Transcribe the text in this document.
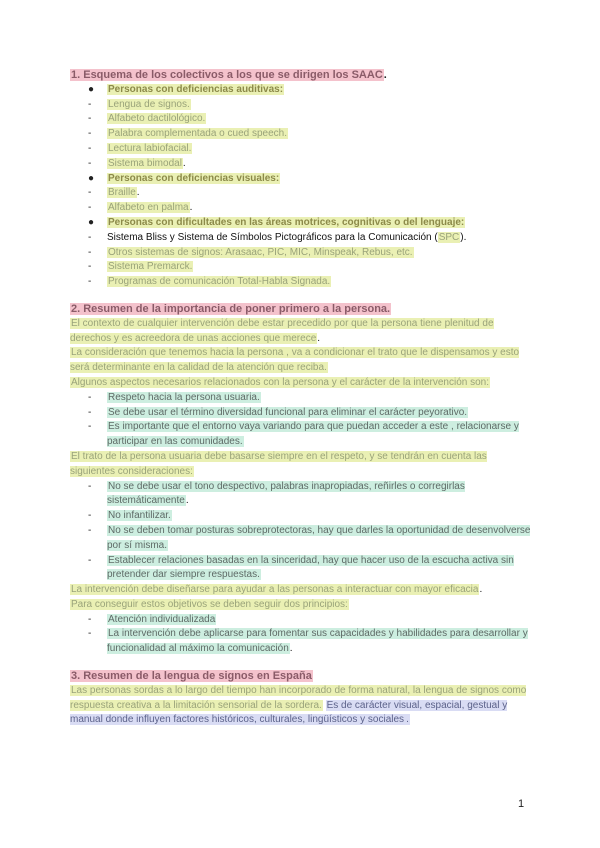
1. Esquema de los colectivos a los que se dirigen los SAAC.

● Personas con deficiencias auditivas:
- Lengua de signos.
- Alfabeto dactilológico.
- Palabra complementada o cued speech.
- Lectura labiofacial.
- Sistema bimodal.
● Personas con deficiencias visuales:
- Braille.
- Alfabeto en palma.
● Personas con dificultades en las áreas motrices, cognitivas o del lenguaje:
- Sistema Bliss y Sistema de Símbolos Pictográficos para la Comunicación (SPC).
- Otros sistemas de signos: Arasaac, PIC, MIC, Minspeak, Rebus, etc.
- Sistema Premarck.
- Programas de comunicación Total-Habla Signada.

2. Resumen de la importancia de poner primero a la persona.

El contexto de cualquier intervención debe estar precedido por que la persona tiene plenitud de derechos y es acreedora de unas acciones que merece.
La consideración que tenemos hacia la persona , va a condicionar el trato que le dispensamos y esto será determinante en la calidad de la atención que reciba.
Algunos aspectos necesarios relacionados con la persona y el carácter de la intervención son:
- Respeto hacia la persona usuaria.
- Se debe usar el término diversidad funcional para eliminar el carácter peyorativo.
- Es importante que el entorno vaya variando para que puedan acceder a este , relacionarse y participar en las comunidades.
El trato de la persona usuaria debe basarse siempre en el respeto, y se tendrán en cuenta las siguientes consideraciones:
- No se debe usar el tono despectivo, palabras inapropiadas, reñirles o corregirlas sistemáticamente.
- No infantilizar.
- No se deben tomar posturas sobreprotectoras, hay que darles la oportunidad de desenvolverse por sí misma.
- Establecer relaciones basadas en la sinceridad, hay que hacer uso de la escucha activa sin pretender dar siempre respuestas.
La intervención debe diseñarse para ayudar a las personas a interactuar con mayor eficacia.
Para conseguir estos objetivos se deben seguir dos principios:
- Atención individualizada
- La intervención debe aplicarse para fomentar sus capacidades y habilidades para desarrollar y funcionalidad al máximo la comunicación.

3. Resumen de la lengua de signos en España

Las personas sordas a lo largo del tiempo han incorporado de forma natural, la lengua de signos como respuesta creativa a la limitación sensorial de la sordera. Es de carácter visual, espacial, gestual y manual donde influyen factores históricos, culturales, lingüísticos y sociales .
1
